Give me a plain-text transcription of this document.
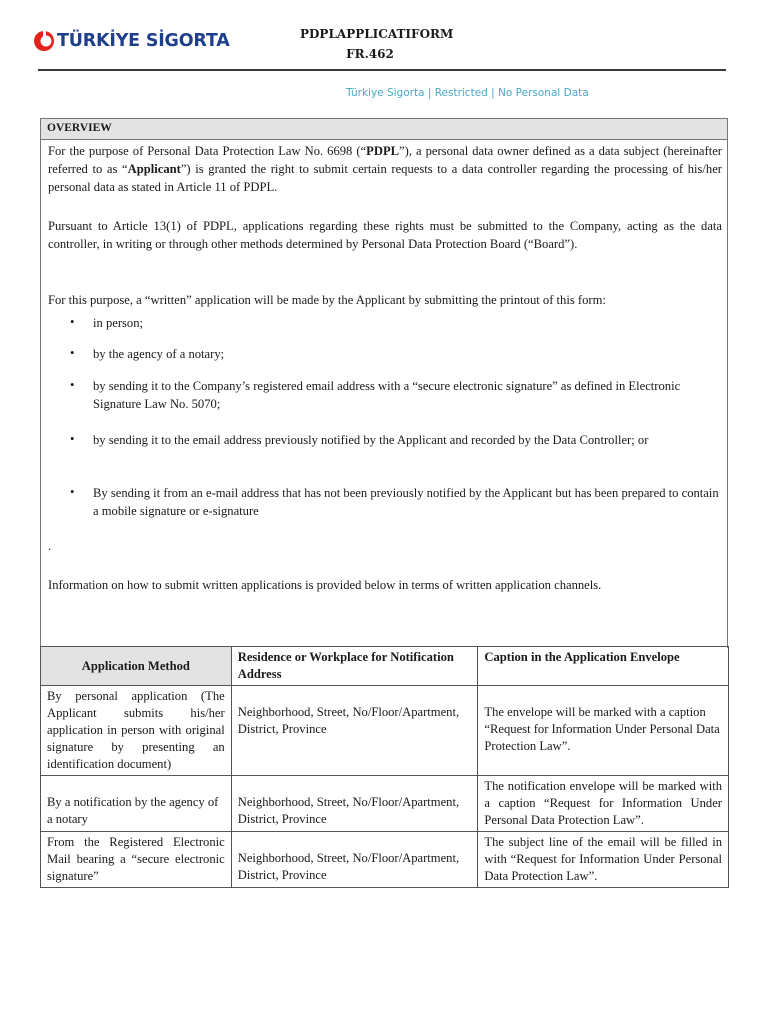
TÜRKİYE SİGORTA	PDPLAPPLICATIFORM
FR.462
Türkiye Sigorta | Restricted | No Personal Data
OVERVIEW
For the purpose of Personal Data Protection Law No. 6698 (“PDPL”), a personal data owner defined as a data subject (hereinafter referred to as “Applicant”) is granted the right to submit certain requests to a data controller regarding the processing of his/her personal data as stated in Article 11 of PDPL.
Pursuant to Article 13(1) of PDPL, applications regarding these rights must be submitted to the Company, acting as the data controller, in writing or through other methods determined by Personal Data Protection Board (“Board”).
For this purpose, a “written” application will be made by the Applicant by submitting the printout of this form:
• in person;
• by the agency of a notary;
• by sending it to the Company’s registered email address with a “secure electronic signature” as defined in Electronic Signature Law No. 5070;
• by sending it to the email address previously notified by the Applicant and recorded by the Data Controller; or
• By sending it from an e-mail address that has not been previously notified by the Applicant but has been prepared to contain a mobile signature or e-signature
.
Information on how to submit written applications is provided below in terms of written application channels.
Application Method	Residence or Workplace for Notification Address	Caption in the Application Envelope
By personal application (The Applicant submits his/her application in person with original signature by presenting an identification document)	Neighborhood, Street, No/Floor/Apartment, District, Province	The envelope will be marked with a caption “Request for Information Under Personal Data Protection Law”.
By a notification by the agency of a notary	Neighborhood, Street, No/Floor/Apartment, District, Province	The notification envelope will be marked with a caption “Request for Information Under Personal Data Protection Law”.
From the Registered Electronic Mail bearing a “secure electronic signature”	Neighborhood, Street, No/Floor/Apartment, District, Province	The subject line of the email will be filled in with “Request for Information Under Personal Data Protection Law”.
